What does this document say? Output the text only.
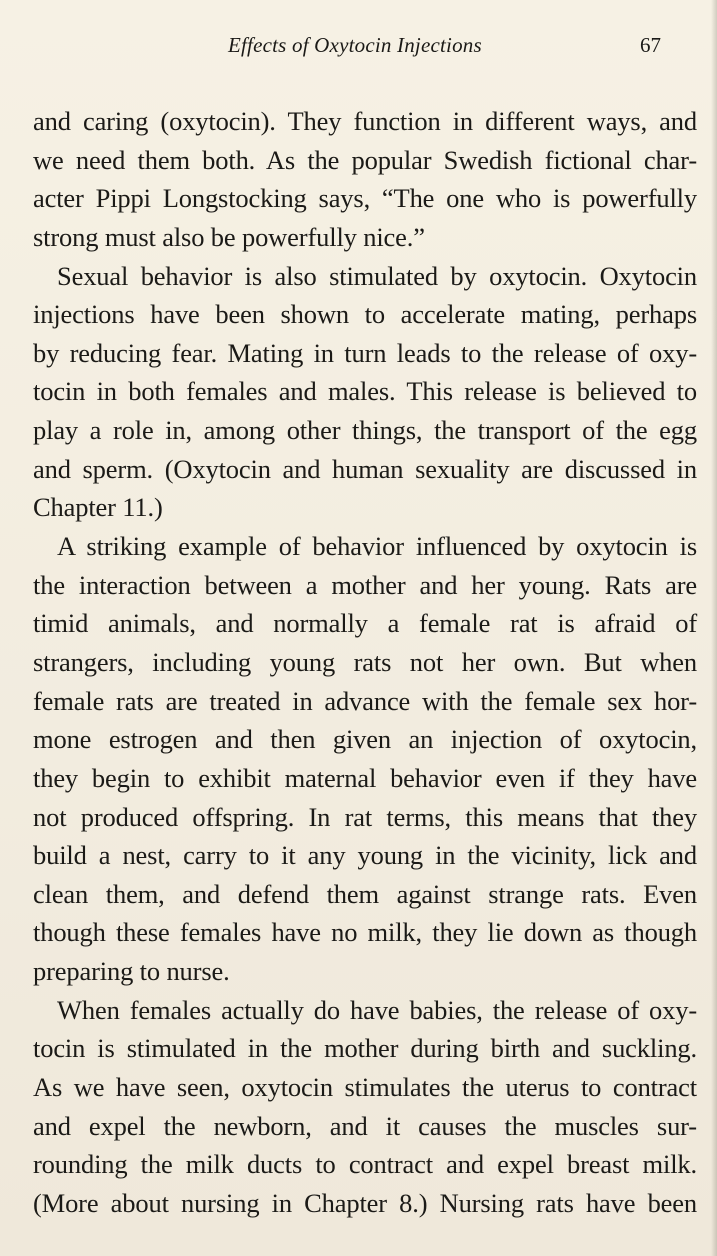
Effects of Oxytocin Injections	67
and caring (oxytocin). They function in different ways, and
we need them both. As the popular Swedish fictional char-
acter Pippi Longstocking says, “The one who is powerfully
strong must also be powerfully nice.”
Sexual behavior is also stimulated by oxytocin. Oxytocin
injections have been shown to accelerate mating, perhaps
by reducing fear. Mating in turn leads to the release of oxy-
tocin in both females and males. This release is believed to
play a role in, among other things, the transport of the egg
and sperm. (Oxytocin and human sexuality are discussed in
Chapter 11.)
A striking example of behavior influenced by oxytocin is
the interaction between a mother and her young. Rats are
timid animals, and normally a female rat is afraid of
strangers, including young rats not her own. But when
female rats are treated in advance with the female sex hor-
mone estrogen and then given an injection of oxytocin,
they begin to exhibit maternal behavior even if they have
not produced offspring. In rat terms, this means that they
build a nest, carry to it any young in the vicinity, lick and
clean them, and defend them against strange rats. Even
though these females have no milk, they lie down as though
preparing to nurse.
When females actually do have babies, the release of oxy-
tocin is stimulated in the mother during birth and suckling.
As we have seen, oxytocin stimulates the uterus to contract
and expel the newborn, and it causes the muscles sur-
rounding the milk ducts to contract and expel breast milk.
(More about nursing in Chapter 8.) Nursing rats have been
